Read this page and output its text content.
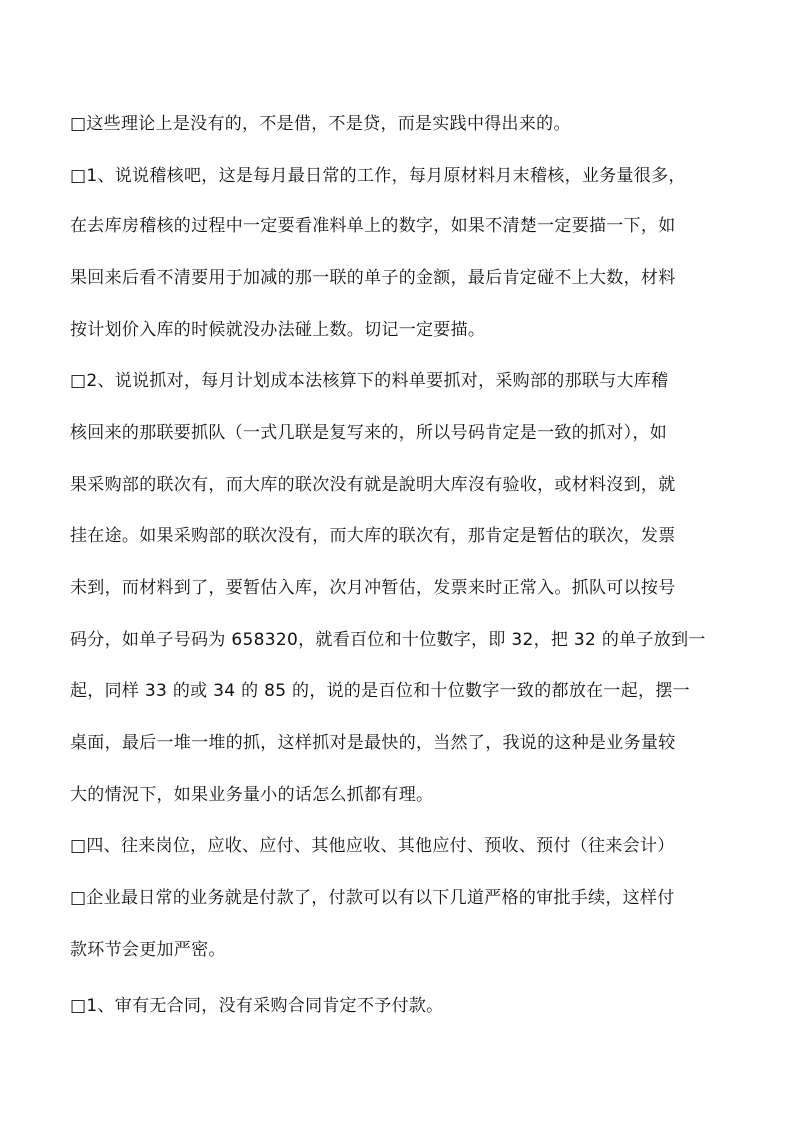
□这些理论上是没有的，不是借，不是贷，而是实践中得出来的。
□1、说说稽核吧，这是每月最日常的工作，每月原材料月末稽核，业务量很多，
在去库房稽核的过程中一定要看准料单上的数字，如果不清楚一定要描一下，如
果回来后看不清要用于加减的那一联的单子的金额，最后肯定碰不上大数，材料
按计划价入库的时候就没办法碰上数。切记一定要描。
□2、说说抓对，每月计划成本法核算下的料单要抓对，采购部的那联与大库稽
核回来的那联要抓队（一式几联是复写来的，所以号码肯定是一致的抓对），如
果采购部的联次有，而大库的联次没有就是說明大库沒有验收，或材料沒到，就
挂在途。如果采购部的联次没有，而大库的联次有，那肯定是暂估的联次，发票
未到，而材料到了，要暂估入库，次月冲暂估，发票来时正常入。抓队可以按号
码分，如单子号码为 658320，就看百位和十位數字，即 32，把 32 的单子放到一
起，同样 33 的或 34 的 85 的，说的是百位和十位數字一致的都放在一起，摆一
桌面，最后一堆一堆的抓，这样抓对是最快的，当然了，我说的这种是业务量较
大的情況下，如果业务量小的话怎么抓都有理。
□四、往来岗位，应收、应付、其他应收、其他应付、预收、预付（往来会计）
□企业最日常的业务就是付款了，付款可以有以下几道严格的审批手续，这样付
款环节会更加严密。
□1、审有无合同，没有采购合同肯定不予付款。
